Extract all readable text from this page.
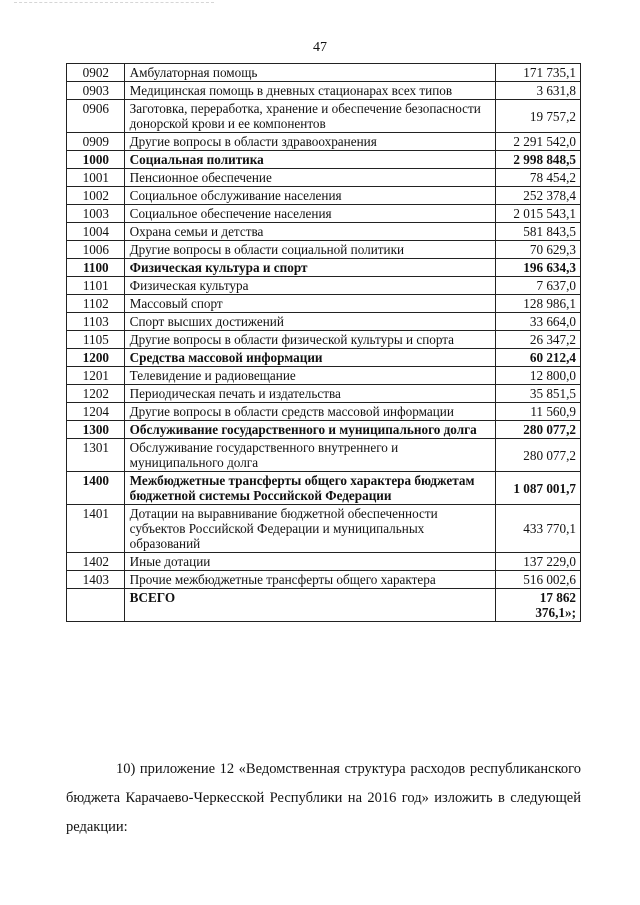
47
0902	Амбулаторная помощь	171 735,1
0903	Медицинская помощь в дневных стационарах всех типов	3 631,8
0906	Заготовка, переработка, хранение и обеспечение безопасности донорской крови и ее компонентов	19 757,2
0909	Другие вопросы в области здравоохранения	2 291 542,0
1000	Социальная политика	2 998 848,5
1001	Пенсионное обеспечение	78 454,2
1002	Социальное обслуживание населения	252 378,4
1003	Социальное обеспечение населения	2 015 543,1
1004	Охрана семьи и детства	581 843,5
1006	Другие вопросы в области социальной политики	70 629,3
1100	Физическая культура и спорт	196 634,3
1101	Физическая культура	7 637,0
1102	Массовый спорт	128 986,1
1103	Спорт высших достижений	33 664,0
1105	Другие вопросы в области физической культуры и спорта	26 347,2
1200	Средства массовой информации	60 212,4
1201	Телевидение и радиовещание	12 800,0
1202	Периодическая печать и издательства	35 851,5
1204	Другие вопросы в области средств массовой информации	11 560,9
1300	Обслуживание государственного и муниципального долга	280 077,2
1301	Обслуживание государственного внутреннего и муниципального долга	280 077,2
1400	Межбюджетные трансферты общего характера бюджетам бюджетной системы Российской Федерации	1 087 001,7
1401	Дотации на выравнивание бюджетной обеспеченности субъектов Российской Федерации и муниципальных образований	433 770,1
1402	Иные дотации	137 229,0
1403	Прочие межбюджетные трансферты общего характера	516 002,6
	ВСЕГО	17 862 376,1»;
10) приложение 12 «Ведомственная структура расходов республиканского бюджета Карачаево-Черкесской Республики на 2016 год» изложить в следующей редакции:
